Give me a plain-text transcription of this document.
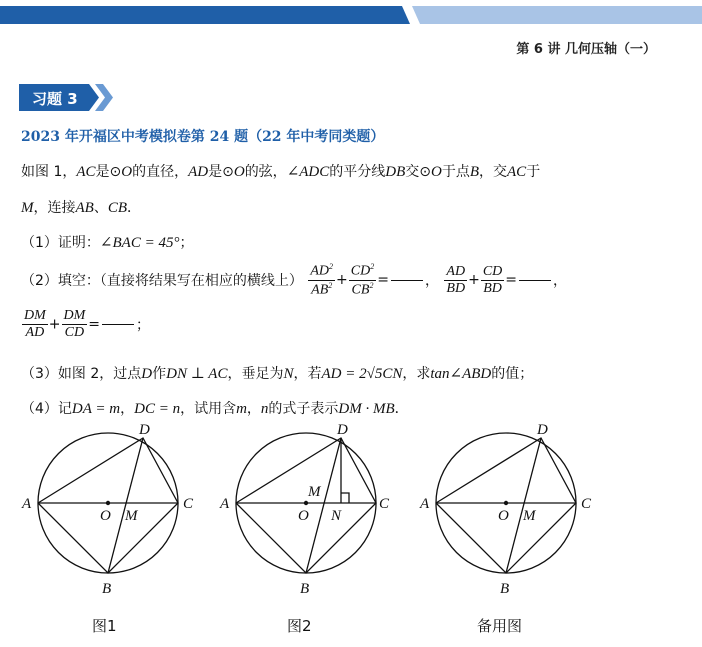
第 6 讲 几何压轴（一）
习题 3
2023 年开福区中考模拟卷第 24 题（22 年中考同类题）
如图 1，AC是⊙O的直径，AD是⊙O的弦，∠ADC的平分线DB交⊙O于点B，交AC于
M，连接AB、CB．
（1）证明：∠BAC = 45°；
（2）填空：（直接将结果写在相应的横线上） $\frac{AD^2}{AB^2} + \frac{CD^2}{CB^2}$ =	， $\frac{AD}{BD} + \frac{CD}{BD}$ =	，
$\frac{DM}{AD} + \frac{DM}{CD}$ =	；
（3）如图 2，过点D作DN ⊥ AC，垂足为N，若AD = 2√5CN，求tan∠ABD的值；
（4）记DA = m，DC = n，试用含m，n的式子表示DM · MB．
A	C
D
B
O M
A	C
D
B
O
M
N
A	C
D
B
O M
图1	图2	备用图
